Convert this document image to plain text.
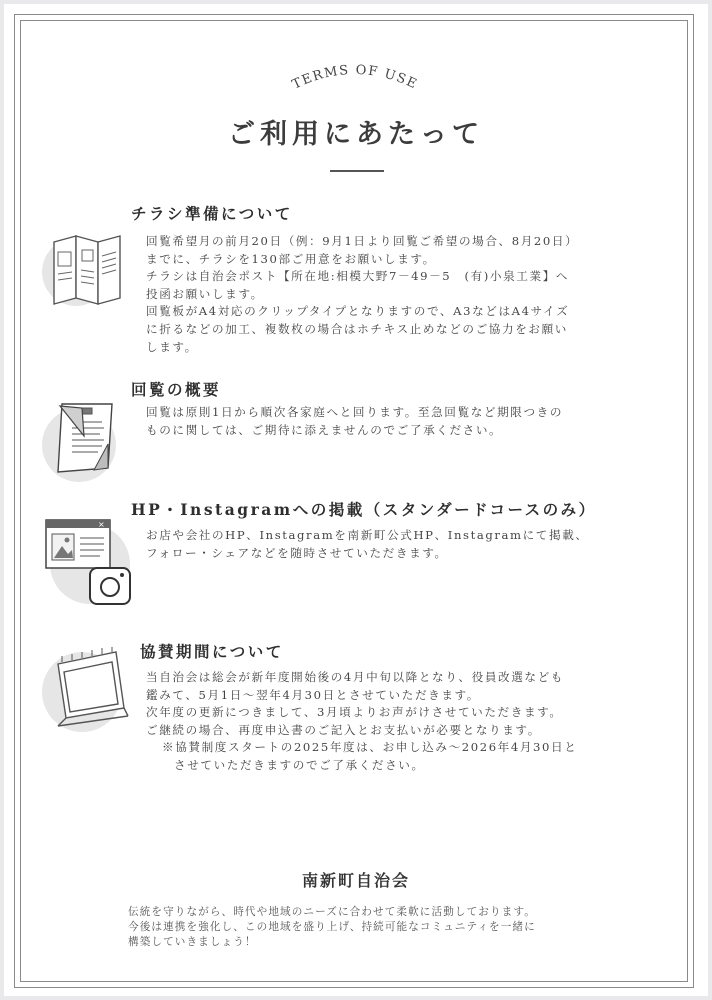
TERMS OF USE
ご利用にあたって
チラシ準備について

回覧希望月の前月20日（例：9月1日より回覧ご希望の場合、8月20日）

までに、チラシを130部ご用意をお願いします。

チラシは自治会ポスト【所在地:相模大野7－49－5　(有)小泉工業】へ

投函お願いします。

回覧板がA4対応のクリップタイプとなりますので、A3などはA4サイズ

に折るなどの加工、複数枚の場合はホチキス止めなどのご協力をお願い

します。

回覧の概要

回覧は原則1日から順次各家庭へと回ります。至急回覧など期限つきの

ものに関しては、ご期待に添えませんのでご了承ください。

×
HP・Instagramへの掲載（スタンダードコースのみ）

お店や会社のHP、Instagramを南新町公式HP、Instagramにて掲載、

フォロー・シェアなどを随時させていただきます。

協賛期間について

当自治会は総会が新年度開始後の4月中旬以降となり、役員改選なども

鑑みて、5月1日～翌年4月30日とさせていただきます。

次年度の更新につきまして、3月頃よりお声がけさせていただきます。

ご継続の場合、再度申込書のご記入とお支払いが必要となります。

※協賛制度スタートの2025年度は、お申し込み～2026年4月30日と

させていただきますのでご了承ください。

南新町自治会

伝統を守りながら、時代や地域のニーズに合わせて柔軟に活動しております。

今後は連携を強化し、この地域を盛り上げ、持続可能なコミュニティを一緒に

構築していきましょう！
